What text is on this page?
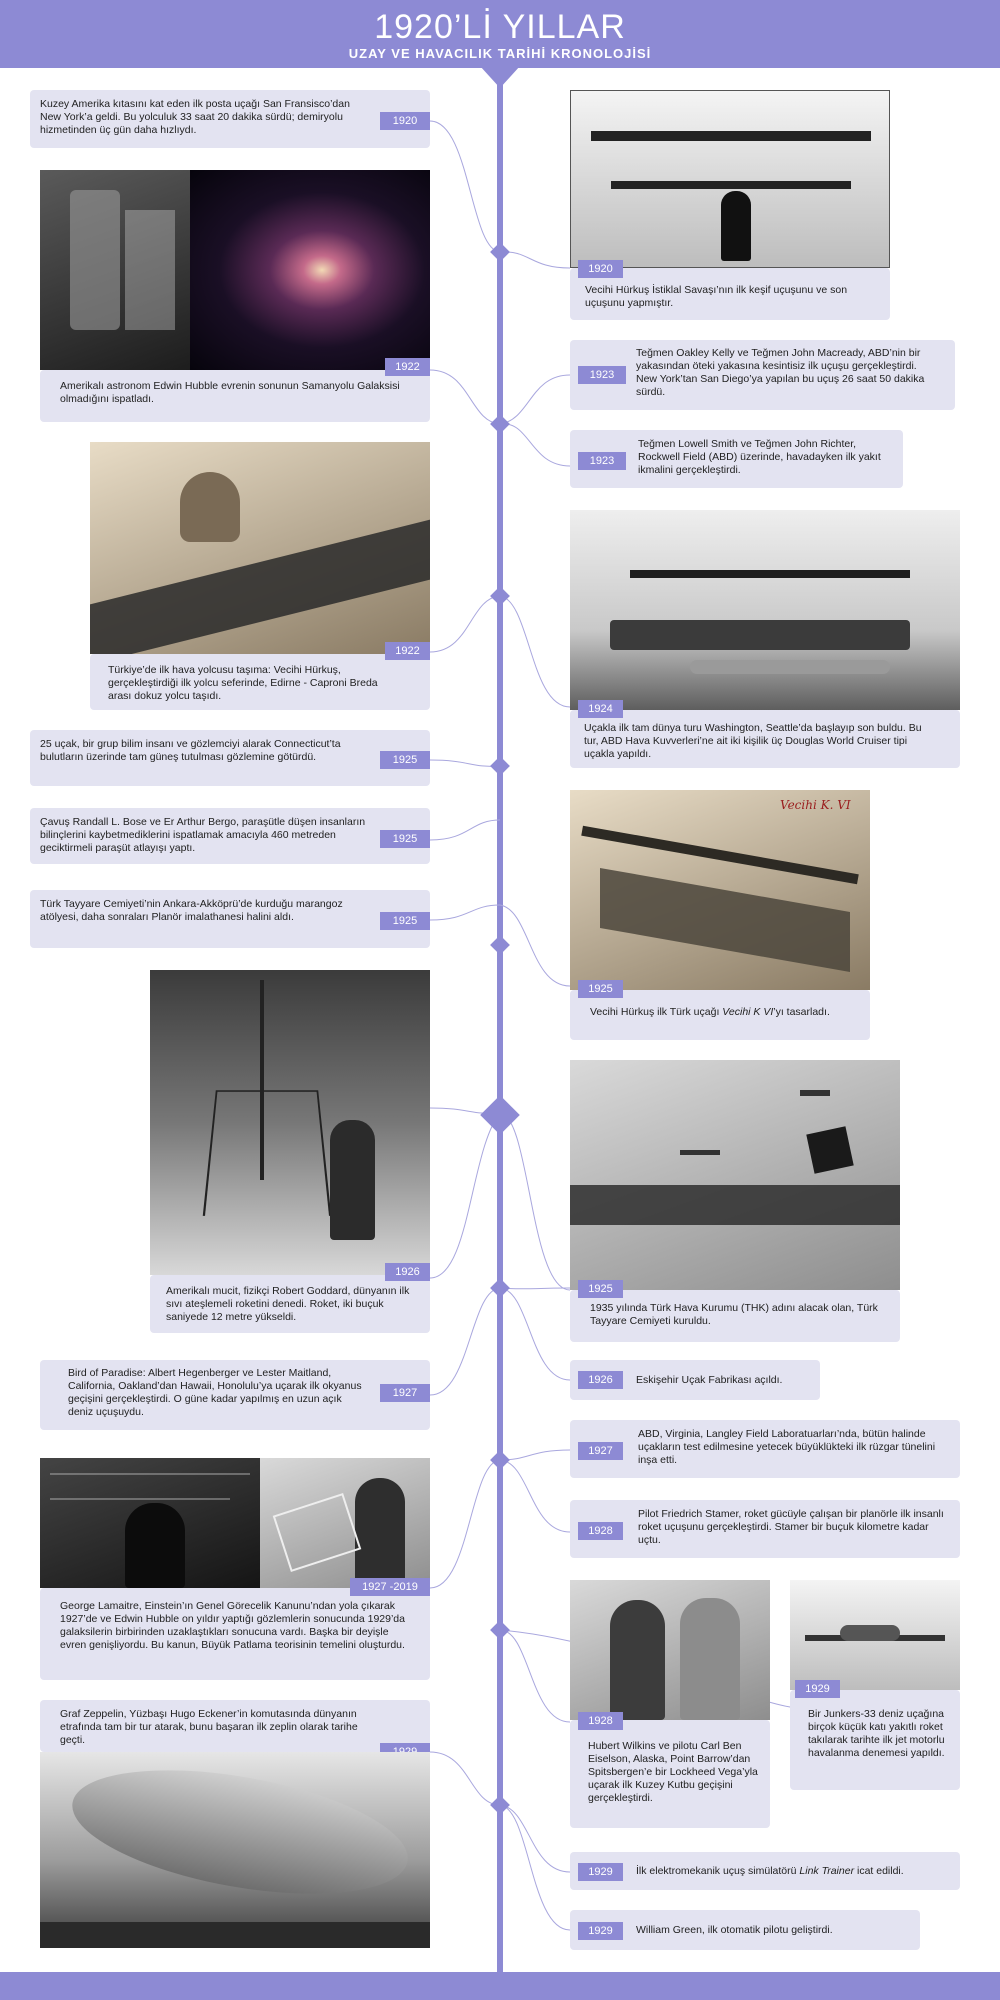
1920’Lİ YILLAR
UZAY VE HAVACILIK TARİHİ KRONOLOJİSİ
Kuzey Amerika kıtasını kat eden ilk posta uçağı San Fransisco’dan New York’a geldi. Bu yolculuk 33 saat 20 dakika sürdü; demiryolu hizmetinden üç gün daha hızlıydı.
1920
1922
Amerikalı astronom Edwin Hubble evrenin sonunun Samanyolu Galaksisi olmadığını ispatladı.
1922
Türkiye’de ilk hava yolcusu taşıma: Vecihi Hürkuş, gerçekleştirdiği ilk yolcu seferinde, Edirne - Caproni Breda arası dokuz yolcu taşıdı.
25 uçak, bir grup bilim insanı ve gözlemciyi alarak Connecticut’ta bulutların üzerinde tam güneş tutulması gözlemine götürdü.	1925
Çavuş Randall L. Bose ve Er Arthur Bergo, paraşütle düşen insanların bilinçlerini kaybetmediklerini ispatlamak amacıyla 460 metreden geciktirmeli paraşüt atlayışı yaptı.
1925
Türk Tayyare Cemiyeti’nin Ankara-Akköprü’de kurduğu marangoz atölyesi, daha sonraları Planör imalathanesi halini aldı.	1925
1926
Amerikalı mucit, fizikçi Robert Goddard, dünyanın ilk sıvı ateşlemeli roketini denedi. Roket, iki buçuk saniyede 12 metre yükseldi.
Bird of Paradise: Albert Hegenberger ve Lester Maitland, California, Oakland’dan Hawaii, Honolulu’ya uçarak ilk okyanus geçişini gerçekleştirdi. O güne kadar yapılmış en uzun açık deniz uçuşuydu.
1927
1927 -2019
George Lamaitre, Einstein’ın Genel Görecelik Kanunu’ndan yola çıkarak 1927’de ve Edwin Hubble on yıldır yaptığı gözlemlerin sonucunda 1929’da galaksilerin birbirinden uzaklaştıkları sonucuna vardı. Başka bir deyişle evren genişliyordu. Bu kanun, Büyük Patlama teorisinin temelini oluşturdu.
Graf Zeppelin, Yüzbaşı Hugo Eckener’in komutasında dünyanın etrafında tam bir tur atarak, bunu başaran ilk zeplin olarak tarihe geçti.
1920
Vecihi Hürkuş İstiklal Savaşı’nın ilk keşif uçuşunu ve son uçuşunu yapmıştır.
1923
Teğmen Oakley Kelly ve Teğmen John Macready, ABD’nin bir yakasından öteki yakasına kesintisiz ilk uçuşu gerçekleştirdi. New York’tan San Diego’ya yapılan bu uçuş 26 saat 50 dakika sürdü.
1923
Teğmen Lowell Smith ve Teğmen John Richter, Rockwell Field (ABD) üzerinde, havadayken ilk yakıt ikmalini gerçekleştirdi.
1924
Uçakla ilk tam dünya turu Washington, Seattle’da başlayıp son buldu. Bu tur, ABD Hava Kuvverleri’ne ait iki kişilik üç Douglas World Cruiser tipi uçakla yapıldı.
Vecihi K. VI
1925
Vecihi Hürkuş ilk Türk uçağı Vecihi K VI’yı tasarladı.
1925
1935 yılında Türk Hava Kurumu (THK) adını alacak olan, Türk Tayyare Cemiyeti kuruldu.
1926	Eskişehir Uçak Fabrikası açıldı.
1927
ABD, Virginia, Langley Field Laboratuarları’nda, bütün halinde uçakların test edilmesine yetecek büyüklükteki ilk rüzgar tünelini inşa etti.
1928
Pilot Friedrich Stamer, roket gücüyle çalışan bir planörle ilk insanlı roket uçuşunu gerçekleştirdi. Stamer bir buçuk kilometre kadar uçtu.
1928
Hubert Wilkins ve pilotu Carl Ben Eiselson, Alaska, Point Barrow’dan Spitsbergen’e bir Lockheed Vega’yla uçarak ilk Kuzey Kutbu geçişini gerçekleştirdi.
1929
Bir Junkers-33 deniz uçağına birçok küçük katı yakıtlı roket takılarak tarihte ilk jet motorlu havalanma denemesi yapıldı.
1929	İlk elektromekanik uçuş simülatörü Link Trainer icat edildi.
1929	William Green, ilk otomatik pilotu geliştirdi.
